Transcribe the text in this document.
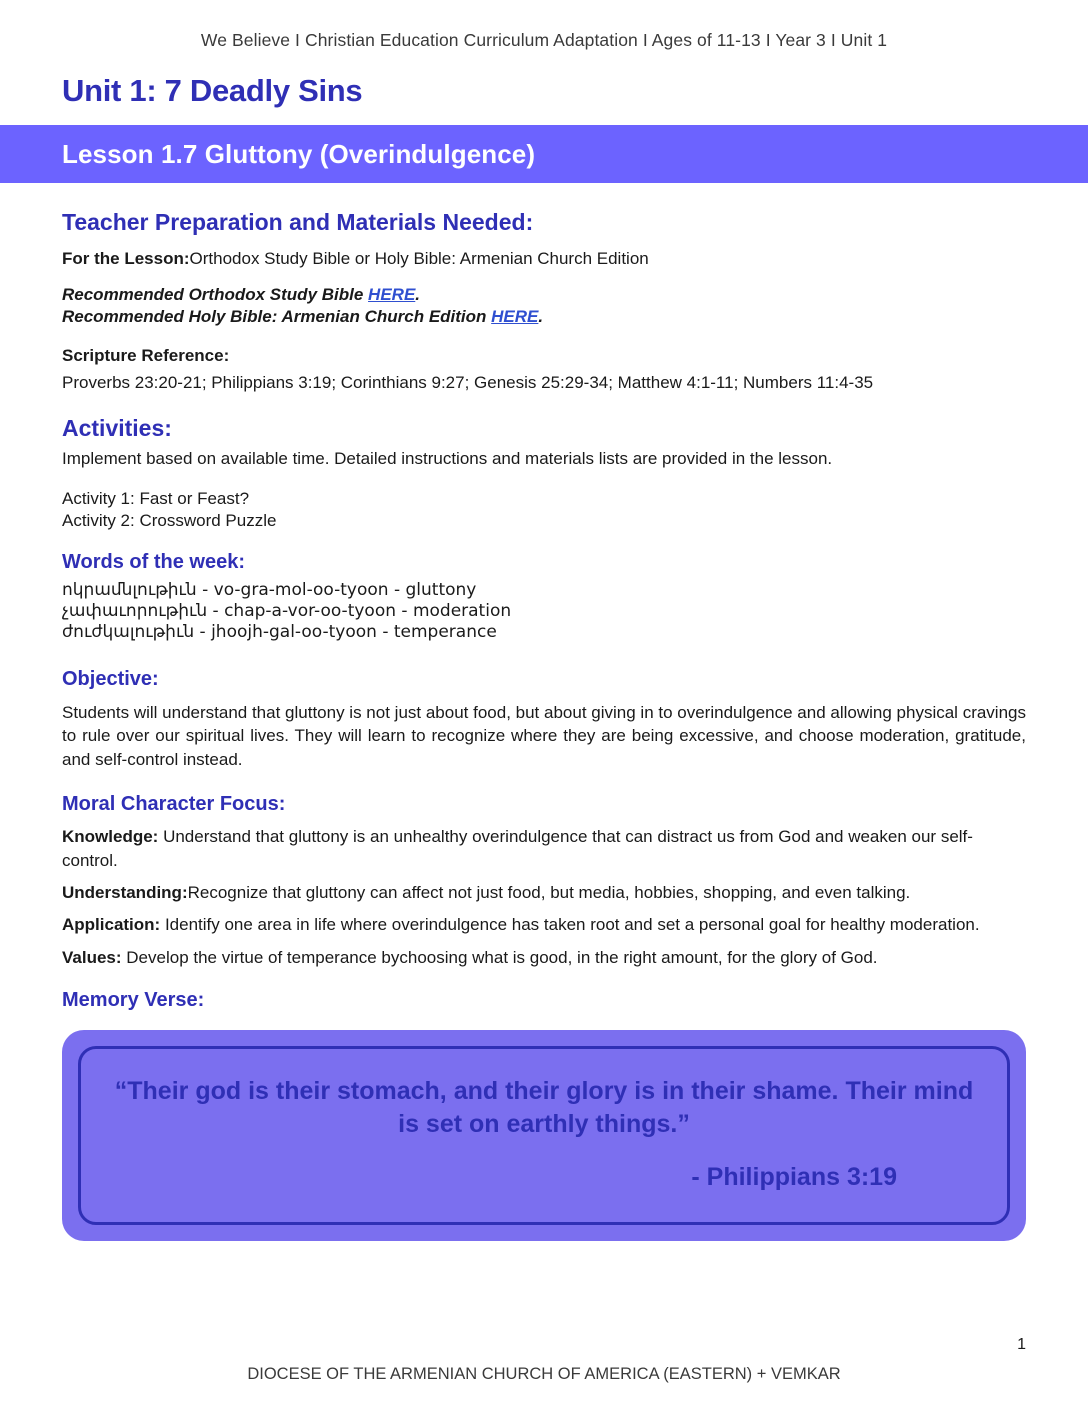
We Believe I Christian Education Curriculum Adaptation I Ages of 11-13 I Year 3 I Unit 1
Unit 1: 7 Deadly Sins
Lesson 1.7 Gluttony (Overindulgence)
Teacher Preparation and Materials Needed:

For the Lesson:Orthodox Study Bible or Holy Bible: Armenian Church Edition

Recommended Orthodox Study Bible HERE.
Recommended Holy Bible: Armenian Church Edition HERE.

Scripture Reference:

Proverbs 23:20-21; Philippians 3:19; Corinthians 9:27; Genesis 25:29-34; Matthew 4:1-11; Numbers 11:4-35

Activities:

Implement based on available time. Detailed instructions and materials lists are provided in the lesson.

Activity 1: Fast or Feast?

Activity 2: Crossword Puzzle

Words of the week:

ոկրամնլութիւն - vo-gra-mol-oo-tyoon - gluttony

չափաւորութիւն - chap-a-vor-oo-tyoon - moderation

ժուժկալութիւն - jhoojh-gal-oo-tyoon - temperance

Objective:

Students will understand that gluttony is not just about food, but about giving in to overindulgence and allowing physical cravings to rule over our spiritual lives. They will learn to recognize where they are being excessive, and choose moderation, gratitude, and self-control instead.

Moral Character Focus:

Knowledge: Understand that gluttony is an unhealthy overindulgence that can distract us from God and weaken our self-control.

Understanding:Recognize that gluttony can affect not just food, but media, hobbies, shopping, and even talking.

Application: Identify one area in life where overindulgence has taken root and set a personal goal for healthy moderation.

Values: Develop the virtue of temperance bychoosing what is good, in the right amount, for the glory of God.

Memory Verse:
“Their god is their stomach, and their glory is in their shame. Their mind is set on earthly things.”
- Philippians 3:19
1
DIOCESE OF THE ARMENIAN CHURCH OF AMERICA (EASTERN) + VEMKAR
